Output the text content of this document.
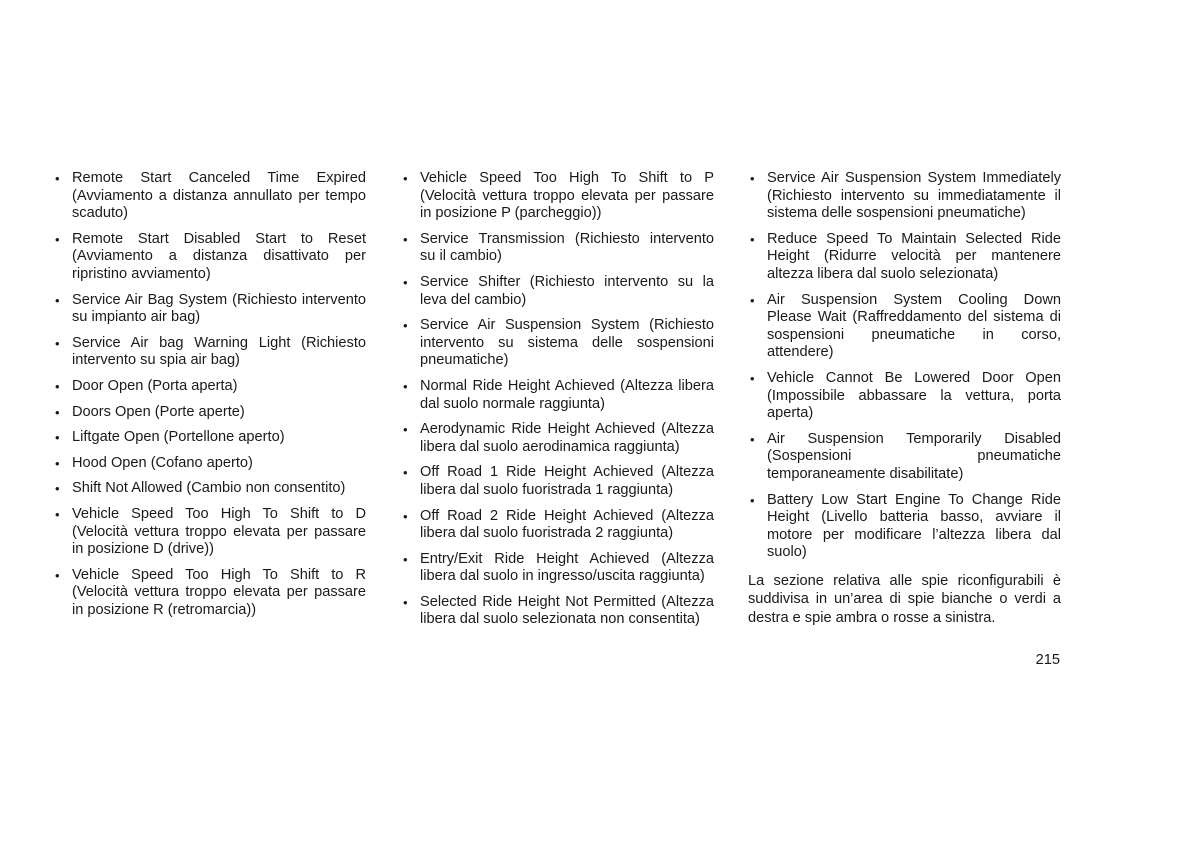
• Remote Start Canceled Time Expired (Avviamento a distanza annullato per tempo scaduto)
• Remote Start Disabled Start to Reset (Avviamento a distanza disattivato per ripristino avviamento)
• Service Air Bag System (Richiesto intervento su impianto air bag)
• Service Air bag Warning Light (Richiesto intervento su spia air bag)
• Door Open (Porta aperta)
• Doors Open (Porte aperte)
• Liftgate Open (Portellone aperto)
• Hood Open (Cofano aperto)
• Shift Not Allowed (Cambio non consentito)
• Vehicle Speed Too High To Shift to D (Velocità vettura troppo elevata per passare in posizione D (drive))
• Vehicle Speed Too High To Shift to R (Velocità vettura troppo elevata per passare in posizione R (retromarcia))
• Vehicle Speed Too High To Shift to P (Velocità vettura troppo elevata per passare in posizione P (parcheggio))
• Service Transmission (Richiesto intervento su il cambio)
• Service Shifter (Richiesto intervento su la leva del cambio)
• Service Air Suspension System (Richiesto intervento su sistema delle sospensioni pneumatiche)
• Normal Ride Height Achieved (Altezza libera dal suolo normale raggiunta)
• Aerodynamic Ride Height Achieved (Altezza libera dal suolo aerodinamica raggiunta)
• Off Road 1 Ride Height Achieved (Altezza libera dal suolo fuoristrada 1 raggiunta)
• Off Road 2 Ride Height Achieved (Altezza libera dal suolo fuoristrada 2 raggiunta)
• Entry/Exit Ride Height Achieved (Altezza libera dal suolo in ingresso/uscita raggiunta)
• Selected Ride Height Not Permitted (Altezza libera dal suolo selezionata non consentita)
• Service Air Suspension System Immediately (Richiesto intervento su immediatamente il sistema delle sospensioni pneumatiche)
• Reduce Speed To Maintain Selected Ride Height (Ridurre velocità per mantenere altezza libera dal suolo selezionata)
• Air Suspension System Cooling Down Please Wait (Raffreddamento del sistema di sospensioni pneumatiche in corso, attendere)
• Vehicle Cannot Be Lowered Door Open (Impossibile abbassare la vettura, porta aperta)
• Air Suspension Temporarily Disabled (Sospensioni pneumatiche temporaneamente disabilitate)
• Battery Low Start Engine To Change Ride Height (Livello batteria basso, avviare il motore per modificare l’altezza libera dal suolo)

La sezione relativa alle spie riconfigurabili è suddivisa in un’area di spie bianche o verdi a destra e spie ambra o rosse a sinistra.

215
